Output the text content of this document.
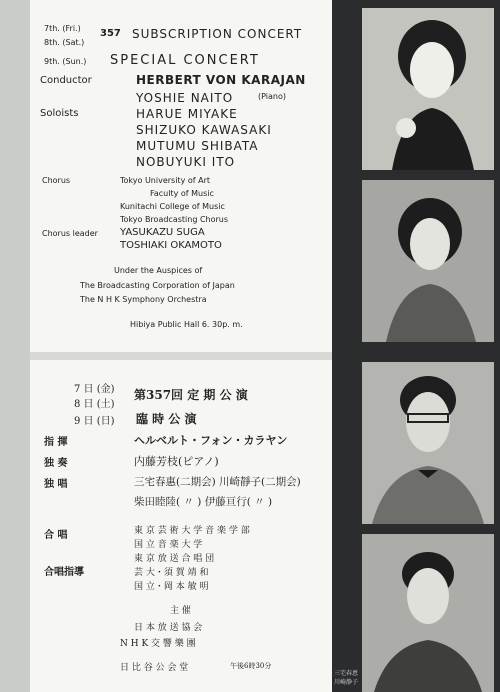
7th. (Fri.)
8th. (Sat.)
9th. (Sun.)
357 SUBSCRIPTION CONCERT
SPECIAL CONCERT
Conductor	HERBERT VON KARAJAN
YOSHIE NAITO	(Piano)
Soloists	HARUE MIYAKE
SHIZUKO KAWASAKI
MUTUMU SHIBATA
NOBUYUKI ITO
Chorus	Tokyo University of Art
Faculty of Music
Kunitachi College of Music
Tokyo Broadcasting Chorus
Chorus leader YASUKAZU SUGA
TOSHIAKI OKAMOTO
Under the Auspices of
The Broadcasting Corporation of Japan
The N H K Symphony Orchestra
Hibiya Public Hall 6. 30p. m.
7 日 (金)
8 日 (土)
9 日 (日)
第357回 定 期 公 演
臨 時 公 演
指 揮	ヘルベルト・フォン・カラヤン
独 奏	内藤芳枝(ピアノ)
独 唱	三宅春惠(二期会) 川崎靜子(二期会)
柴田睦陸( 〃 ) 伊藤亘行( 〃 )
合 唱	東 京 芸 術 大 学 音 楽 学 部
国 立 音 楽 大 学
東 京 放 送 合 唱 団
合唱指導	芸 大・須 賀 靖 和
国 立・岡 本 敏 明
主 催
日 本 放 送 協 会
N H K 交 響 樂 團
日 比 谷 公 会 堂	午後6時30分
三宅春恵
川崎静子
